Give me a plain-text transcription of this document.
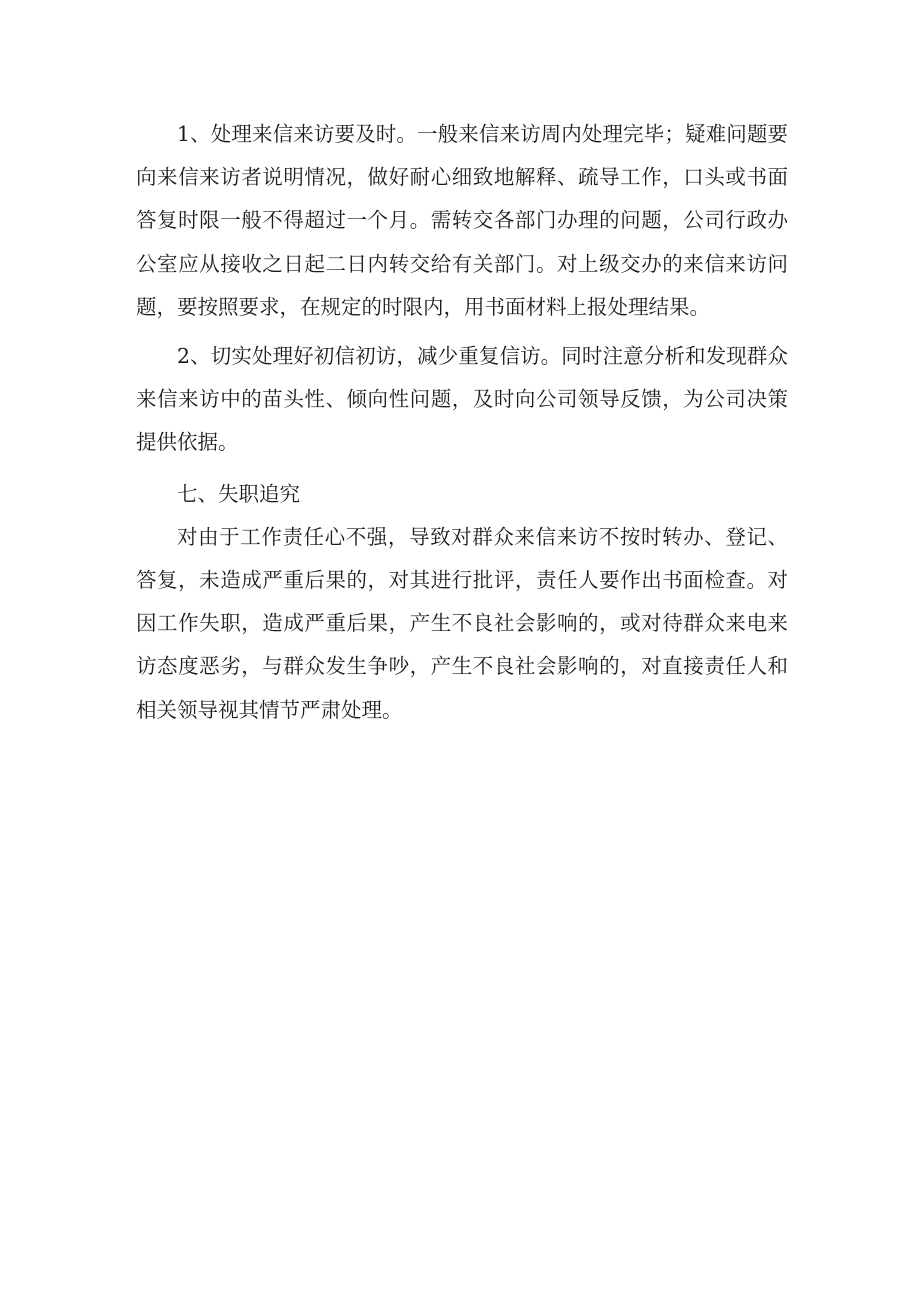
1、处理来信来访要及时。一般来信来访周内处理完毕；疑难问题要向来信来访者说明情况，做好耐心细致地解释、疏导工作，口头或书面答复时限一般不得超过一个月。需转交各部门办理的问题，公司行政办公室应从接收之日起二日内转交给有关部门。对上级交办的来信来访问题，要按照要求，在规定的时限内，用书面材料上报处理结果。

2、切实处理好初信初访，减少重复信访。同时注意分析和发现群众来信来访中的苗头性、倾向性问题，及时向公司领导反馈，为公司决策提供依据。

七、失职追究

对由于工作责任心不强，导致对群众来信来访不按时转办、登记、答复，未造成严重后果的，对其进行批评，责任人要作出书面检查。对因工作失职，造成严重后果，产生不良社会影响的，或对待群众来电来访态度恶劣，与群众发生争吵，产生不良社会影响的，对直接责任人和相关领导视其情节严肃处理。
